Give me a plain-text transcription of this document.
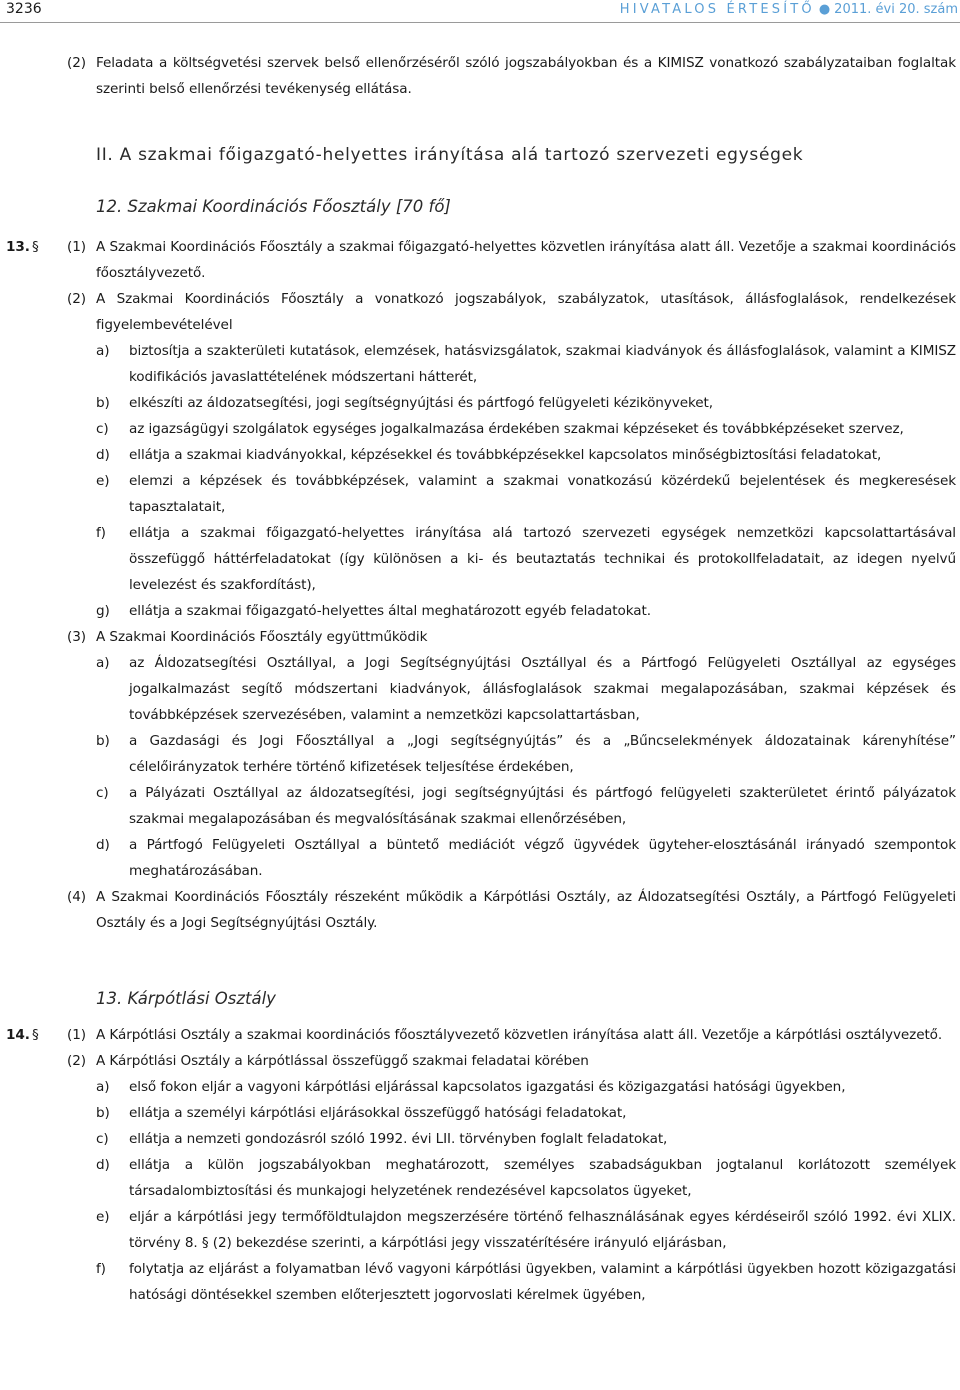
3236	HIVATALOS ÉRTESÍTŐ ● 2011. évi 20. szám
(2) Feladata a költségvetési szervek belső ellenőrzéséről szóló jogszabályokban és a KIMISZ vonatkozó szabályzataiban foglaltak szerinti belső ellenőrzési tevékenység ellátása.
II. A szakmai főigazgató-helyettes irányítása alá tartozó szervezeti egységek
12. Szakmai Koordinációs Főosztály [70 fő]
13. § (1) A Szakmai Koordinációs Főosztály a szakmai főigazgató-helyettes közvetlen irányítása alatt áll. Vezetője a szakmai koordinációs főosztályvezető.
(2) A Szakmai Koordinációs Főosztály a vonatkozó jogszabályok, szabályzatok, utasítások, állásfoglalások, rendelkezések figyelembevételével
a) biztosítja a szakterületi kutatások, elemzések, hatásvizsgálatok, szakmai kiadványok és állásfoglalások, valamint a KIMISZ kodifikációs javaslattételének módszertani hátterét,
b) elkészíti az áldozatsegítési, jogi segítségnyújtási és pártfogó felügyeleti kézikönyveket,
c) az igazságügyi szolgálatok egységes jogalkalmazása érdekében szakmai képzéseket és továbbképzéseket szervez,
d) ellátja a szakmai kiadványokkal, képzésekkel és továbbképzésekkel kapcsolatos minőségbiztosítási feladatokat,
e) elemzi a képzések és továbbképzések, valamint a szakmai vonatkozású közérdekű bejelentések és megkeresések tapasztalatait,
f) ellátja a szakmai főigazgató-helyettes irányítása alá tartozó szervezeti egységek nemzetközi kapcsolattartásával összefüggő háttérfeladatokat (így különösen a ki- és beutaztatás technikai és protokollfeladatait, az idegen nyelvű levelezést és szakfordítást),
g) ellátja a szakmai főigazgató-helyettes által meghatározott egyéb feladatokat.
(3) A Szakmai Koordinációs Főosztály együttműködik
a) az Áldozatsegítési Osztállyal, a Jogi Segítségnyújtási Osztállyal és a Pártfogó Felügyeleti Osztállyal az egységes jogalkalmazást segítő módszertani kiadványok, állásfoglalások szakmai megalapozásában, szakmai képzések és továbbképzések szervezésében, valamint a nemzetközi kapcsolattartásban,
b) a Gazdasági és Jogi Főosztállyal a „Jogi segítségnyújtás” és a „Bűncselekmények áldozatainak kárenyhítése” célelőirányzatok terhére történő kifizetések teljesítése érdekében,
c) a Pályázati Osztállyal az áldozatsegítési, jogi segítségnyújtási és pártfogó felügyeleti szakterületet érintő pályázatok szakmai megalapozásában és megvalósításának szakmai ellenőrzésében,
d) a Pártfogó Felügyeleti Osztállyal a büntető mediációt végző ügyvédek ügyteher-elosztásánál irányadó szempontok meghatározásában.
(4) A Szakmai Koordinációs Főosztály részeként működik a Kárpótlási Osztály, az Áldozatsegítési Osztály, a Pártfogó Felügyeleti Osztály és a Jogi Segítségnyújtási Osztály.
13. Kárpótlási Osztály
14. § (1) A Kárpótlási Osztály a szakmai koordinációs főosztályvezető közvetlen irányítása alatt áll. Vezetője a kárpótlási osztályvezető.
(2) A Kárpótlási Osztály a kárpótlással összefüggő szakmai feladatai körében
a) első fokon eljár a vagyoni kárpótlási eljárással kapcsolatos igazgatási és közigazgatási hatósági ügyekben,
b) ellátja a személyi kárpótlási eljárásokkal összefüggő hatósági feladatokat,
c) ellátja a nemzeti gondozásról szóló 1992. évi LII. törvényben foglalt feladatokat,
d) ellátja a külön jogszabályokban meghatározott, személyes szabadságukban jogtalanul korlátozott személyek társadalombiztosítási és munkajogi helyzetének rendezésével kapcsolatos ügyeket,
e) eljár a kárpótlási jegy termőföldtulajdon megszerzésére történő felhasználásának egyes kérdéseiről szóló 1992. évi XLIX. törvény 8. § (2) bekezdése szerinti, a kárpótlási jegy visszatérítésére irányuló eljárásban,
f) folytatja az eljárást a folyamatban lévő vagyoni kárpótlási ügyekben, valamint a kárpótlási ügyekben hozott közigazgatási hatósági döntésekkel szemben előterjesztett jogorvoslati kérelmek ügyében,
